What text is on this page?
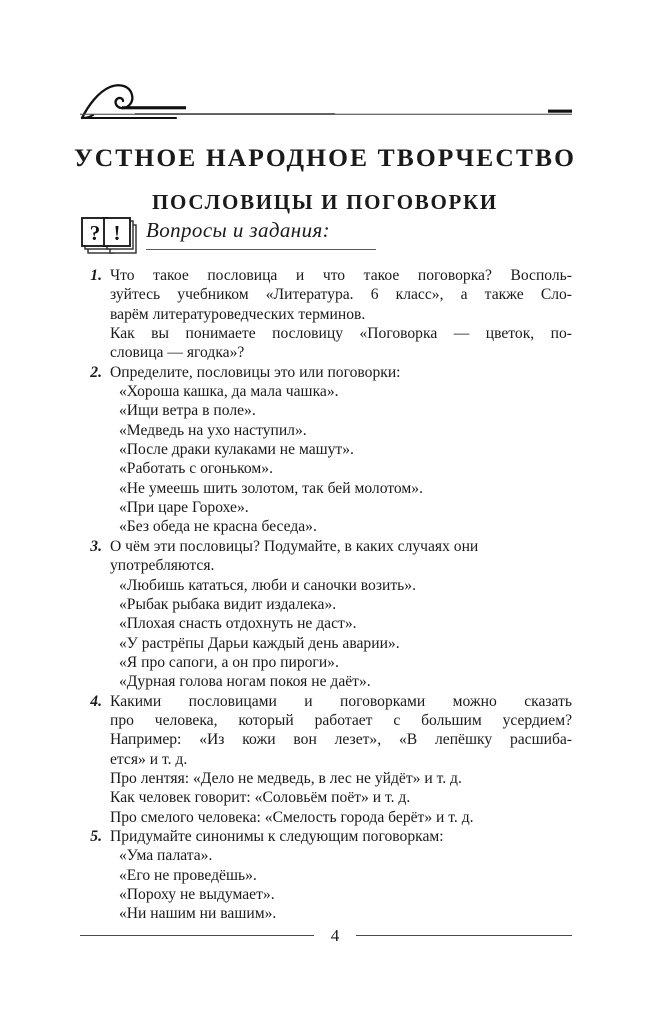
УСТНОЕ НАРОДНОЕ ТВОРЧЕСТВО
ПОСЛОВИЦЫ И ПОГОВОРКИ
? ! Вопросы и задания:
1. Что такое пословица и что такое поговорка? Восполь-
зуйтесь учебником «Литература. 6 класс», а также Сло-
варём литературоведческих терминов.
Как вы понимаете пословицу «Поговорка — цветок, по-
словица — ягодка»?
2. Определите, пословицы это или поговорки:
«Хороша кашка, да мала чашка».
«Ищи ветра в поле».
«Медведь на ухо наступил».
«После драки кулаками не машут».
«Работать с огоньком».
«Не умеешь шить золотом, так бей молотом».
«При царе Горохе».
«Без обеда не красна беседа».
3. О чём эти пословицы? Подумайте, в каких случаях они
употребляются.
«Любишь кататься, люби и саночки возить».
«Рыбак рыбака видит издалека».
«Плохая снасть отдохнуть не даст».
«У растрёпы Дарьи каждый день аварии».
«Я про сапоги, а он про пироги».
«Дурная голова ногам покоя не даёт».
4. Какими пословицами и поговорками можно сказать
про человека, который работает с большим усердием?
Например: «Из кожи вон лезет», «В лепёшку расшиба-
ется» и т. д.
Про лентяя: «Дело не медведь, в лес не уйдёт» и т. д.
Как человек говорит: «Соловьём поёт» и т. д.
Про смелого человека: «Смелость города берёт» и т. д.
5. Придумайте синонимы к следующим поговоркам:
«Ума палата».
«Его не проведёшь».
«Пороху не выдумает».
«Ни нашим ни вашим».
4
